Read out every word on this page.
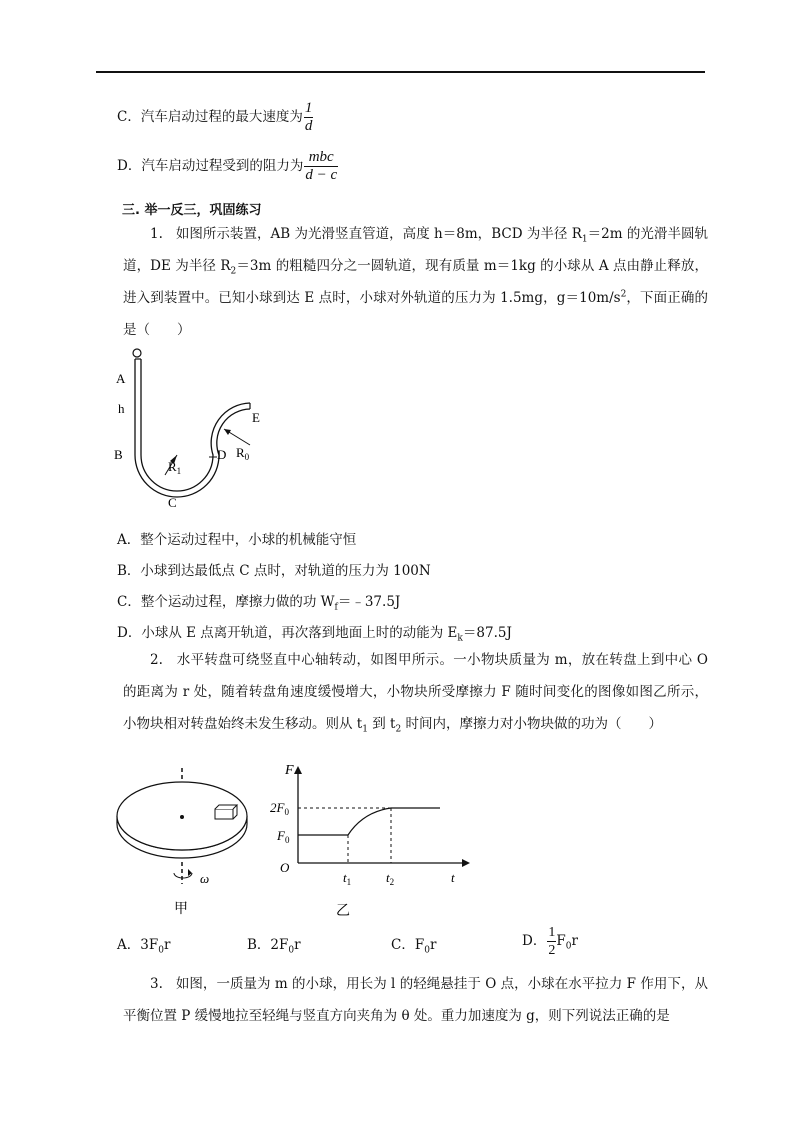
C．汽车启动过程的最大速度为 $\frac{1}{d}$
D．汽车启动过程受到的阻力为 $\frac{\text{mbc}}{d - c}$
三. 举一反三，巩固练习
1. 如图所示装置，AB 为光滑竖直管道，高度 h＝8m，BCD 为半径 $R_1=2m$ 的光滑半圆轨道，DE 为半径 $R_2=3m$ 的粗糙四分之一圆轨道，现有质量 m＝1kg 的小球从 A 点由静止释放，进入到装置中。已知小球到达 E 点时，小球对外轨道的压力为 1.5mg，$g=10m/s^2$，下面正确的是（　　）
A
h
B
C
D
E
$R_1$
$R_0$
A．整个运动过程中，小球的机械能守恒
B．小球到达最低点 C 点时，对轨道的压力为 100N
C．整个运动过程，摩擦力做的功 $W_f=﹣37.5J$
D．小球从 E 点离开轨道，再次落到地面上时的动能为 $E_k=87.5J$
2. 水平转盘可绕竖直中心轴转动，如图甲所示。一小物块质量为 m，放在转盘上到中心 O 的距离为 r 处，随着转盘角速度缓慢增大，小物块所受摩擦力 F 随时间变化的图像如图乙所示，小物块相对转盘始终未发生移动。则从 $t_1$ 到 $t_2$ 时间内，摩擦力对小物块做的功为（　　）
ω
甲
F
$2F_0$
$F_0$
O
$t_1$	$t_2$	t
乙
A．$3F_0r$	B．$2F_0r$	C．$F_0r$	D． $\frac{1}{2} F_0r$
3. 如图，一质量为 m 的小球，用长为 l 的轻绳悬挂于 O 点，小球在水平拉力 F 作用下，从平衡位置 P 缓慢地拉至轻绳与竖直方向夹角为 θ 处。重力加速度为 g，则下列说法正确的是
